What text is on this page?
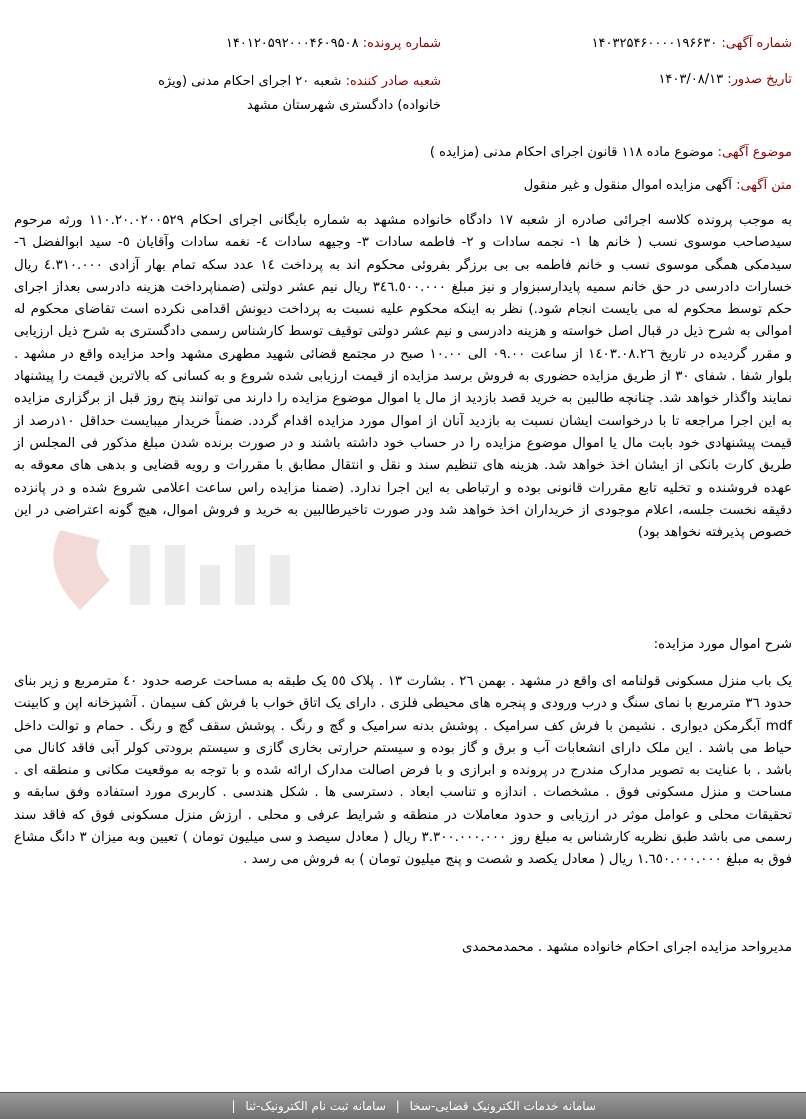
شماره آگهی: ۱۴۰۳۲۵۴۶۰۰۰۰۱۹۶۶۳۰
شماره پرونده: ۱۴۰۱۲۰۵۹۲۰۰۰۴۶۰۹۵۰۸
تاریخ صدور: ۱۴۰۳/۰۸/۱۳
شعبه صادر کننده: شعبه ۲۰ اجرای احکام مدنی (ویژه خانواده) دادگستری شهرستان مشهد
موضوع آگهی: موضوع ماده ۱۱۸ قانون اجرای احکام مدنی (مزایده )
متن آگهی: آگهی مزایده اموال منقول و غیر منقول
به موجب پرونده کلاسه اجرائی صادره از شعبه ۱۷ دادگاه خانواده مشهد به شماره بایگانی اجرای احکام ۱۱۰.۲۰.۰۲۰۰۵۲۹ ورثه مرحوم سیدصاحب موسوی نسب ( خانم ها ۱- نجمه سادات و ۲- فاطمه سادات ۳- وجیهه سادات ٤- نغمه سادات وآقایان ٥- سید ابوالفضل ٦- سیدمکی همگی موسوی نسب و خانم فاطمه بی بی برزگر بفروئی محکوم اند به پرداخت ١٤ عدد سکه تمام بهار آزادی ٤.٣١٠.٠٠٠ ریال خسارات دادرسی در حق خانم سمیه پایدارسبزوار و نیز مبلغ ٣٤٦.٥٠٠.٠٠٠ ریال نیم عشر دولتی (ضمناپرداخت هزینه دادرسی بعداز اجرای حکم توسط محکوم له می بایست انجام شود.) نظر به اینکه محکوم علیه نسبت به پرداخت دیونش اقدامی نکرده است تقاضای محکوم له اموالی به شرح ذیل در قبال اصل خواسته و هزینه دادرسی و نیم عشر دولتی توقیف توسط کارشناس رسمی دادگستری به شرح ذیل ارزیابی و مقرر گردیده در تاریخ ١٤٠٣.٠٨.٢٦ از ساعت ٠٩.٠٠ الی ١٠.٠٠ صبح در مجتمع قضائی شهید مطهری مشهد واحد مزایده واقع در مشهد . بلوار شفا . شفای ۳۰ از طریق مزایده حضوری به فروش برسد مزایده از قیمت ارزیابی شده شروع و به کسانی که بالاترین قیمت را پیشنهاد نمایند واگذار خواهد شد. چنانچه طالبین به خرید قصد بازدید از مال یا اموال موضوع مزایده را دارند می توانند پنج روز قبل از برگزاری مزایده به این اجرا مراجعه تا با درخواست ایشان نسبت به بازدید آنان از اموال مورد مزایده اقدام گردد. ضمناً خریدار میبایست حداقل ١٠درصد از قیمت پیشنهادی خود بابت مال یا اموال موضوع مزایده را در حساب خود داشته باشند و در صورت برنده شدن مبلغ مذکور فی المجلس از طریق کارت بانکی از ایشان اخذ خواهد شد. هزینه های تنظیم سند و نقل و انتقال مطابق با مقررات و رویه قضایی و بدهی های معوقه به عهده فروشنده و تخلیه تابع مقررات قانونی بوده و ارتباطی به این اجرا ندارد. (ضمنا مزایده راس ساعت اعلامی شروع شده و در پانزده دقیقه نخست جلسه، اعلام موجودی از خریداران اخذ خواهد شد ودر صورت تاخیرطالبین به خرید و فروش اموال، هیچ گونه اعتراضی در این خصوص پذیرفته نخواهد بود)
شرح اموال مورد مزایده:
یک باب منزل مسکونی قولنامه ای واقع در مشهد . بهمن ٢٦ . بشارت ١٣ . پلاک ٥٥ یک طبقه به مساحت عرصه حدود ٤٠ مترمربع و زیر بنای حدود ٣٦ مترمربع با نمای سنگ و درب ورودی و پنجره های محیطی فلزی . دارای یک اتاق خواب با فرش کف سیمان . آشپزخانه اپن و کابینت mdf آبگرمکن دیواری . نشیمن با فرش کف سرامیک . پوشش بدنه سرامیک و گچ و رنگ . پوشش سقف گچ و رنگ . حمام و توالت داخل حیاط می باشد . این ملک دارای انشعابات آب و برق و گاز بوده و سیستم حرارتی بخاری گازی و سیستم برودتی کولر آبی فاقد کانال می باشد . با عنایت به تصویر مدارک مندرج در پرونده و ابرازی و با فرض اصالت مدارک ارائه شده و با توجه به موقعیت مکانی و منطقه ای . مساحت و منزل مسکونی فوق . مشخصات . اندازه و تناسب ابعاد . دسترسی ها . شکل هندسی . کاربری مورد استفاده وفق سابقه و تحقیقات محلی و عوامل موثر در ارزیابی و حدود معاملات در منطقه و شرایط عرفی و محلی . ارزش منزل مسکونی فوق که فاقد سند رسمی می باشد طبق نظریه کارشناس به مبلغ روز ٣.٣٠٠.٠٠٠.٠٠٠ ریال ( معادل سیصد و سی میلیون تومان ) تعیین وبه میزان ٣ دانگ مشاع فوق به مبلغ ١.٦٥٠.٠٠٠.٠٠٠ ریال ( معادل یکصد و شصت و پنج میلیون تومان ) به فروش می رسد .
مدیرواحد مزایده اجرای احکام خانواده مشهد . محمدمحمدی
سامانه خدمات الکترونیک قضایی-سخا | سامانه ثبت نام الکترونیک-ثنا |
